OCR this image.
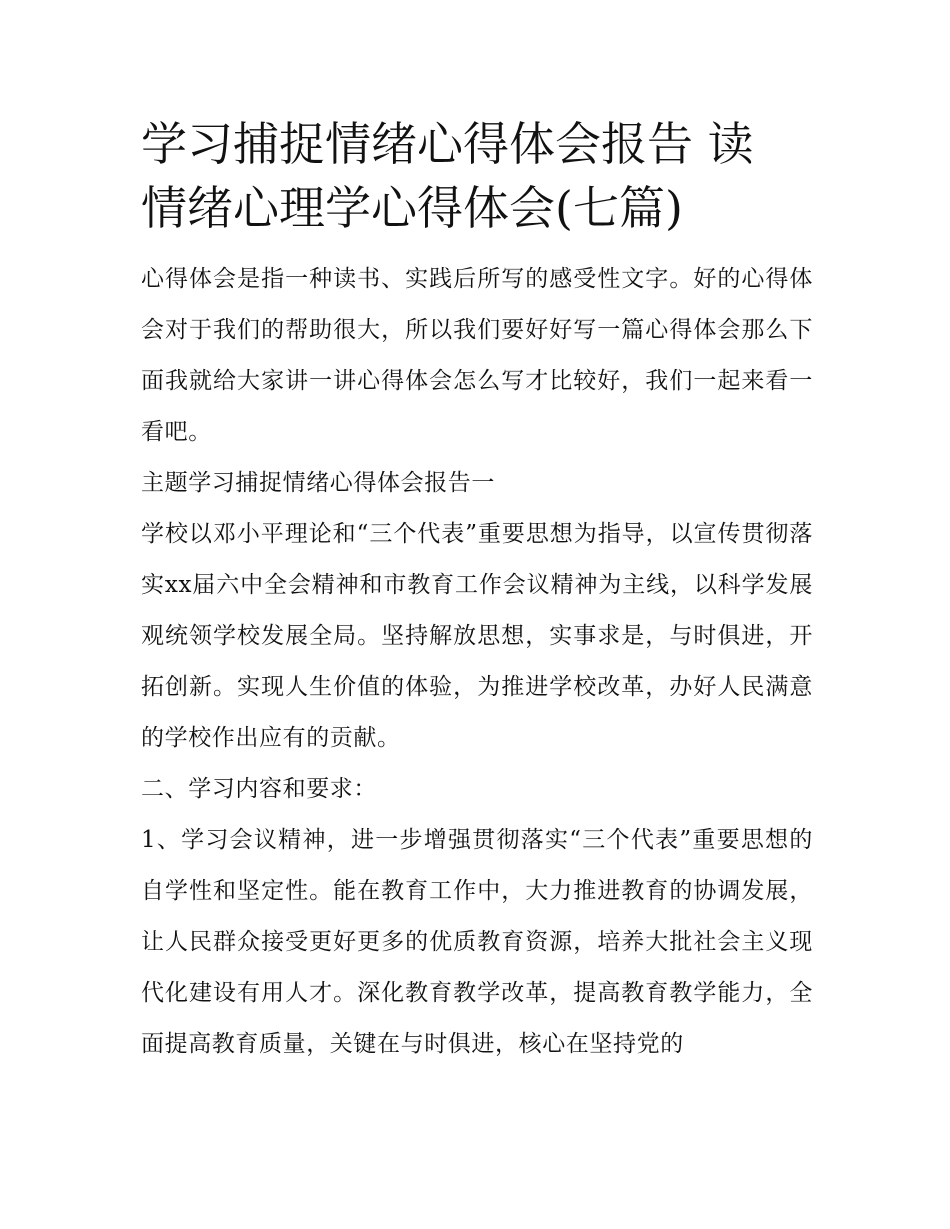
学习捕捉情绪心得体会报告 读
情绪心理学心得体会(七篇)

心得体会是指一种读书、实践后所写的感受性文字。好的心得体会对于我们的帮助很大，所以我们要好好写一篇心得体会那么下面我就给大家讲一讲心得体会怎么写才比较好，我们一起来看一看吧。

主题学习捕捉情绪心得体会报告一

学校以邓小平理论和“三个代表”重要思想为指导，以宣传贯彻落实xx届六中全会精神和市教育工作会议精神为主线，以科学发展观统领学校发展全局。坚持解放思想，实事求是，与时俱进，开拓创新。实现人生价值的体验，为推进学校改革，办好人民满意的学校作出应有的贡献。

二、学习内容和要求：

1、学习会议精神，进一步增强贯彻落实“三个代表”重要思想的自学性和坚定性。能在教育工作中，大力推进教育的协调发展，让人民群众接受更好更多的优质教育资源，培养大批社会主义现代化建设有用人才。深化教育教学改革，提高教育教学能力，全面提高教育质量，关键在与时俱进，核心在坚持党的
